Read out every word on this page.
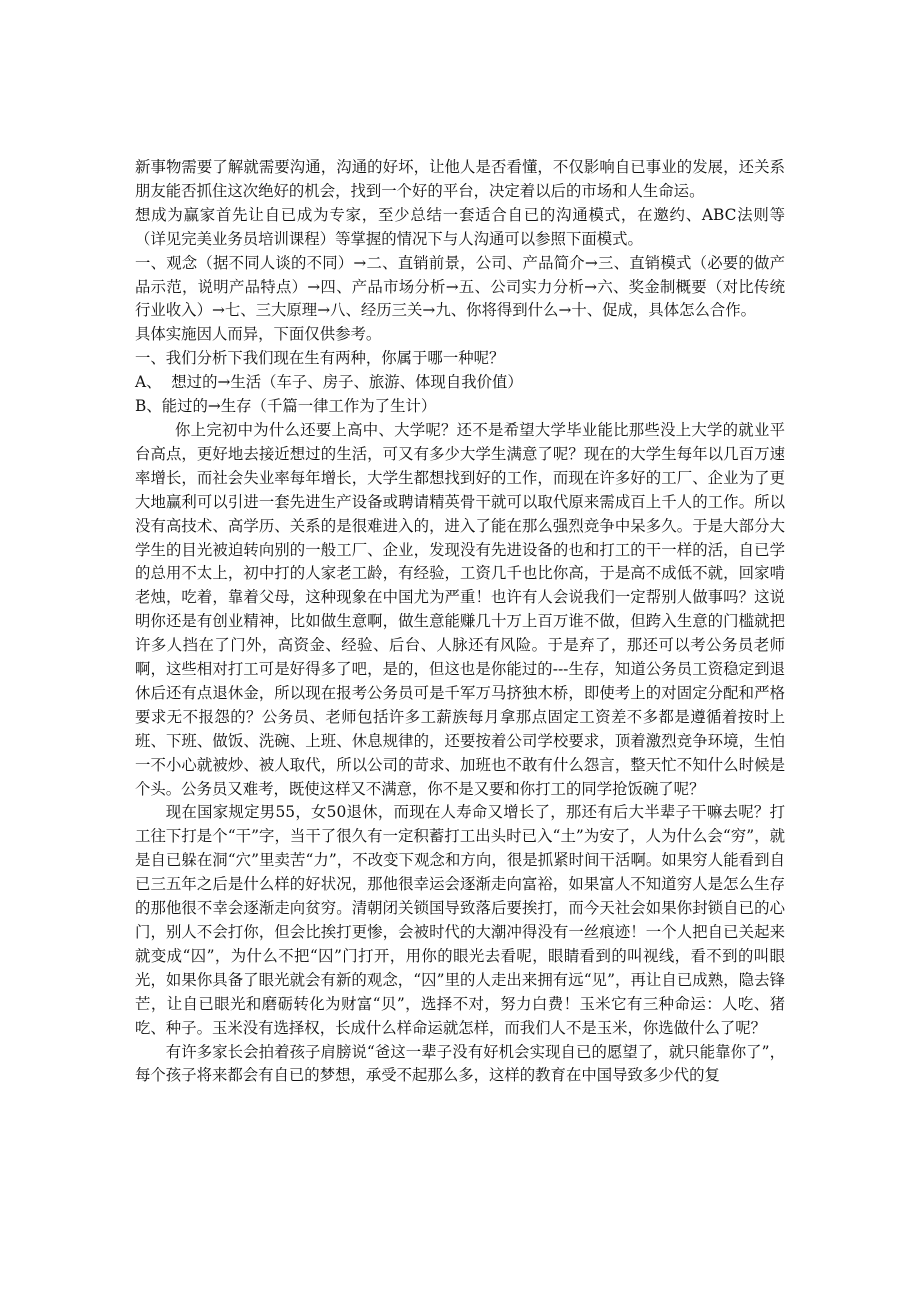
新事物需要了解就需要沟通，沟通的好坏，让他人是否看懂，不仅影响自已事业的发展，还关系朋友能否抓住这次绝好的机会，找到一个好的平台，决定着以后的市场和人生命运。

想成为赢家首先让自已成为专家，至少总结一套适合自已的沟通模式，在邀约、ABC法则等（详见完美业务员培训课程）等掌握的情况下与人沟通可以参照下面模式。

一、观念（据不同人谈的不同）→二、直销前景，公司、产品简介→三、直销模式（必要的做产品示范，说明产品特点）→四、产品市场分析→五、公司实力分析→六、奖金制概要（对比传统行业收入）→七、三大原理→八、经历三关→九、你将得到什么→十、促成，具体怎么合作。

具体实施因人而异，下面仅供参考。

一、我们分析下我们现在生有两种，你属于哪一种呢？

A、  想过的→生活（车子、房子、旅游、体现自我价值）

B、能过的→生存（千篇一律工作为了生计）

你上完初中为什么还要上高中、大学呢？还不是希望大学毕业能比那些没上大学的就业平台高点，更好地去接近想过的生活，可又有多少大学生满意了呢？现在的大学生每年以几百万速率增长，而社会失业率每年增长，大学生都想找到好的工作，而现在许多好的工厂、企业为了更大地赢利可以引进一套先进生产设备或聘请精英骨干就可以取代原来需成百上千人的工作。所以没有高技术、高学历、关系的是很难进入的，进入了能在那么强烈竞争中呆多久。于是大部分大学生的目光被迫转向别的一般工厂、企业，发现没有先进设备的也和打工的干一样的活，自已学的总用不太上，初中打的人家老工龄，有经验，工资几千也比你高，于是高不成低不就，回家啃老烛，吃着，靠着父母，这种现象在中国尤为严重！也许有人会说我们一定帮别人做事吗？这说明你还是有创业精神，比如做生意啊，做生意能赚几十万上百万谁不做，但跨入生意的门槛就把许多人挡在了门外，高资金、经验、后台、人脉还有风险。于是弃了，那还可以考公务员老师啊，这些相对打工可是好得多了吧，是的，但这也是你能过的---生存，知道公务员工资稳定到退休后还有点退休金，所以现在报考公务员可是千军万马挤独木桥，即使考上的对固定分配和严格要求无不报怨的？公务员、老师包括许多工薪族每月拿那点固定工资差不多都是遵循着按时上班、下班、做饭、洗碗、上班、休息规律的，还要按着公司学校要求，顶着激烈竞争环境，生怕一不小心就被炒、被人取代，所以公司的苛求、加班也不敢有什么怨言，整天忙不知什么时候是个头。公务员又难考，既使这样又不满意，你不是又要和你打工的同学抢饭碗了呢？

现在国家规定男55，女50退休，而现在人寿命又增长了，那还有后大半辈子干嘛去呢？打工往下打是个“干”字，当干了很久有一定积蓄打工出头时已入“土”为安了，人为什么会“穷”，就是自已躲在洞“穴”里卖苦“力”，不改变下观念和方向，很是抓紧时间干活啊。如果穷人能看到自已三五年之后是什么样的好状况，那他很幸运会逐渐走向富裕，如果富人不知道穷人是怎么生存的那他很不幸会逐渐走向贫穷。清朝闭关锁国导致落后要挨打，而今天社会如果你封锁自已的心门，别人不会打你，但会比挨打更惨，会被时代的大潮冲得没有一丝痕迹！一个人把自已关起来就变成“囚”，为什么不把“囚”门打开，用你的眼光去看呢，眼睛看到的叫视线，看不到的叫眼光，如果你具备了眼光就会有新的观念，“囚”里的人走出来拥有远“见”，再让自已成熟，隐去锋芒，让自已眼光和磨砺转化为财富“贝”，选择不对，努力白费！玉米它有三种命运：人吃、猪吃、种子。玉米没有选择权，长成什么样命运就怎样，而我们人不是玉米，你选做什么了呢？

有许多家长会拍着孩子肩膀说“爸这一辈子没有好机会实现自已的愿望了，就只能靠你了”，每个孩子将来都会有自已的梦想，承受不起那么多，这样的教育在中国导致多少代的复
